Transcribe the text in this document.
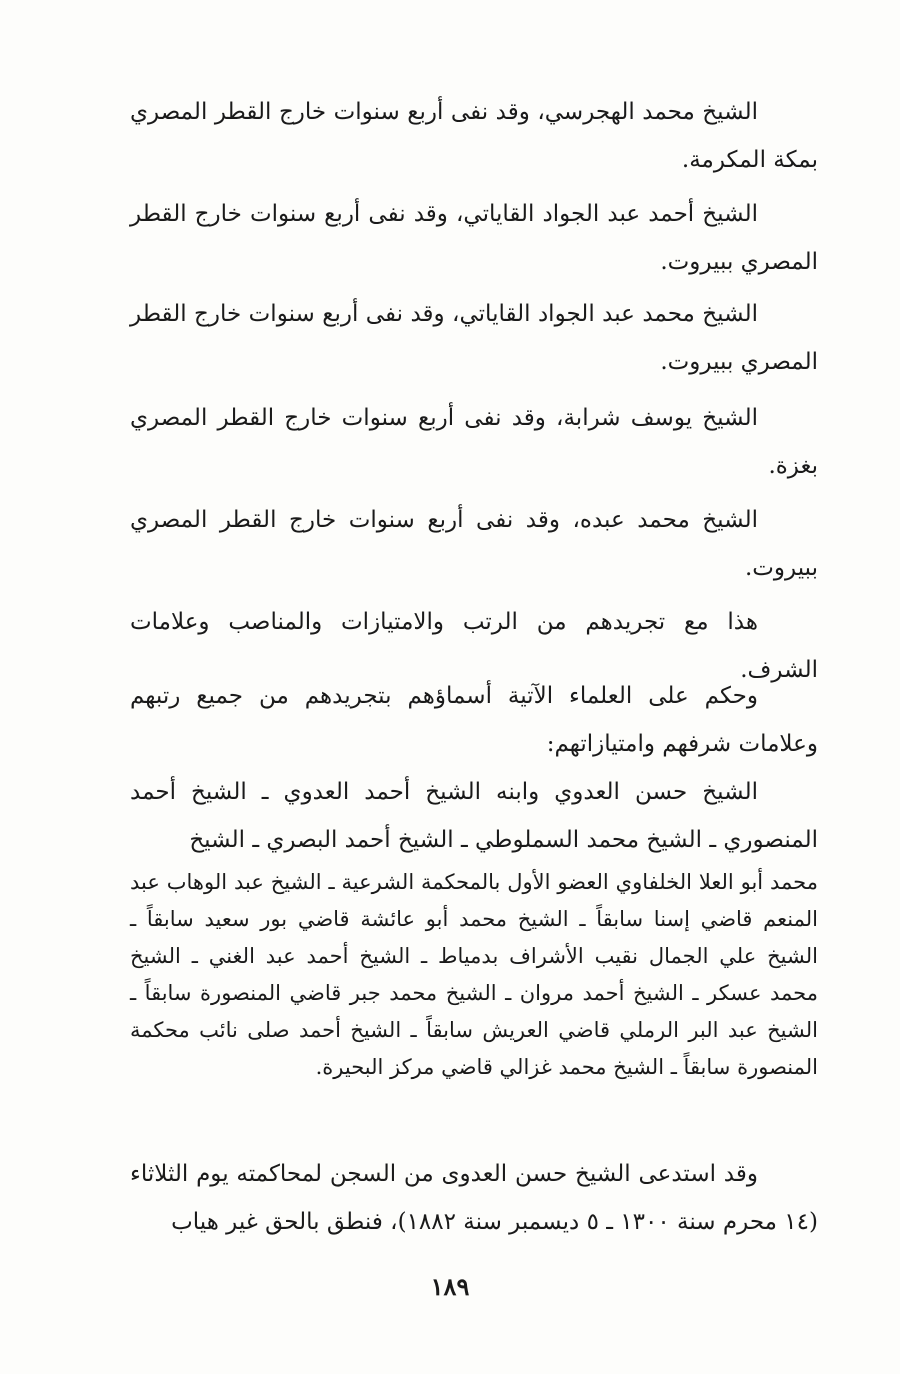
الشيخ محمد الهجرسي، وقد نفى أربع سنوات خارج القطر المصري بمكة المكرمة.

الشيخ أحمد عبد الجواد القاياتي، وقد نفى أربع سنوات خارج القطر المصري ببيروت.

الشيخ محمد عبد الجواد القاياتي، وقد نفى أربع سنوات خارج القطر المصري ببيروت.

الشيخ يوسف شرابة، وقد نفى أربع سنوات خارج القطر المصري بغزة.

الشيخ محمد عبده، وقد نفى أربع سنوات خارج القطر المصري ببيروت.

هذا مع تجريدهم من الرتب والامتيازات والمناصب وعلامات الشرف.

وحكم على العلماء الآتية أسماؤهم بتجريدهم من جميع رتبهم وعلامات شرفهم وامتيازاتهم:

الشيخ حسن العدوي وابنه الشيخ أحمد العدوي ـ الشيخ أحمد المنصوري ـ الشيخ محمد السملوطي ـ الشيخ أحمد البصري ـ الشيخ

محمد أبو العلا الخلفاوي العضو الأول بالمحكمة الشرعية ـ الشيخ عبد الوهاب عبد المنعم قاضي إسنا سابقاً ـ الشيخ محمد أبو عائشة قاضي بور سعيد سابقاً ـ الشيخ علي الجمال نقيب الأشراف بدمياط ـ الشيخ أحمد عبد الغني ـ الشيخ محمد عسكر ـ الشيخ أحمد مروان ـ الشيخ محمد جبر قاضي المنصورة سابقاً ـ الشيخ عبد البر الرملي قاضي العريش سابقاً ـ الشيخ أحمد صلى نائب محكمة المنصورة سابقاً ـ الشيخ محمد غزالي قاضي مركز البحيرة.

وقد استدعى الشيخ حسن العدوى من السجن لمحاكمته يوم الثلاثاء (١٤ محرم سنة ١٣٠٠ ـ ٥ ديسمبر سنة ١٨٨٢)، فنطق بالحق غير هياب

١٨٩
